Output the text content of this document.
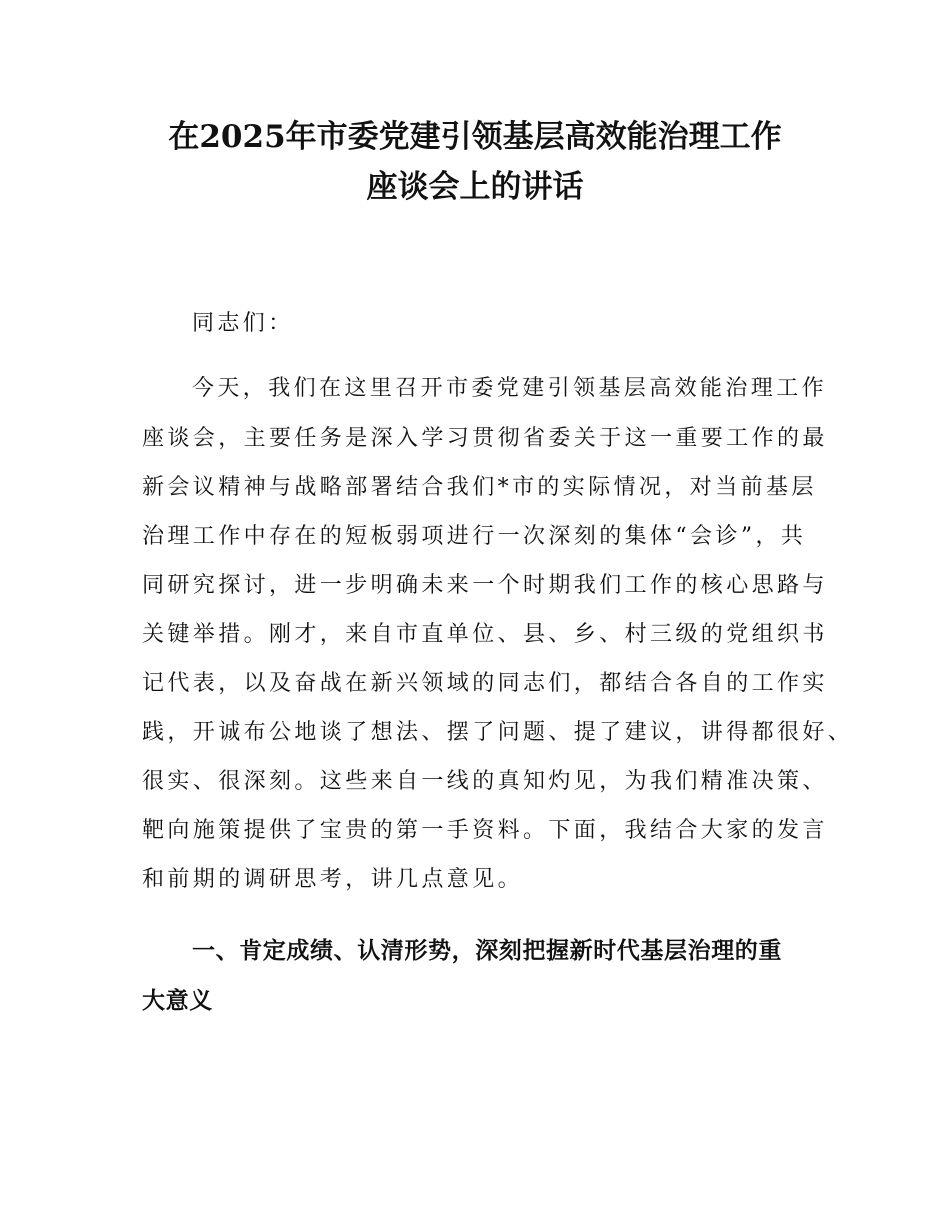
在2025年市委党建引领基层高效能治理工作
座谈会上的讲话
同志们：
今天，我们在这里召开市委党建引领基层高效能治理工作
座谈会，主要任务是深入学习贯彻省委关于这一重要工作的最
新会议精神与战略部署结合我们*市的实际情况，对当前基层
治理工作中存在的短板弱项进行一次深刻的集体“会诊”，共
同研究探讨，进一步明确未来一个时期我们工作的核心思路与
关键举措。刚才，来自市直单位、县、乡、村三级的党组织书
记代表，以及奋战在新兴领域的同志们，都结合各自的工作实
践，开诚布公地谈了想法、摆了问题、提了建议，讲得都很好、
很实、很深刻。这些来自一线的真知灼见，为我们精准决策、
靶向施策提供了宝贵的第一手资料。下面，我结合大家的发言
和前期的调研思考，讲几点意见。
一、肯定成绩、认清形势，深刻把握新时代基层治理的重
大意义
